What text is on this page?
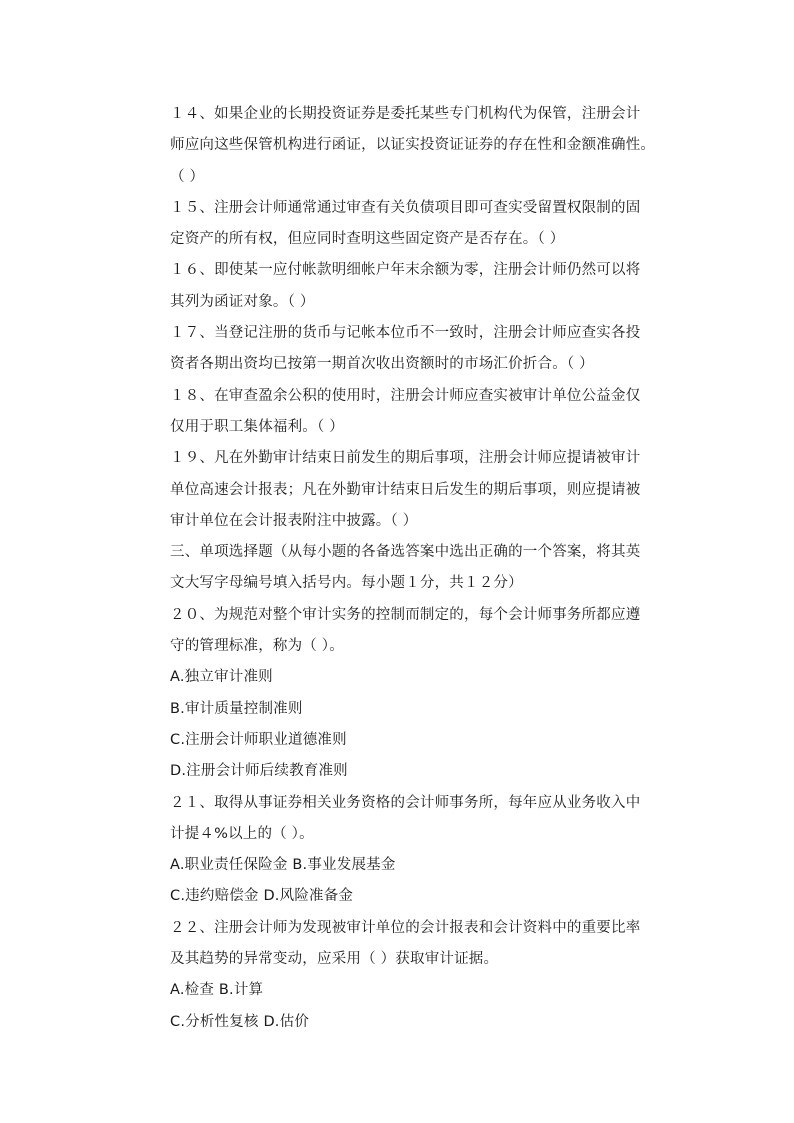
１４、如果企业的长期投资证券是委托某些专门机构代为保管，注册会计
师应向这些保管机构进行函证，以证实投资证证券的存在性和金额准确性。
（ ）
１５、注册会计师通常通过审查有关负债项目即可查实受留置权限制的固
定资产的所有权，但应同时查明这些固定资产是否存在。（ ）
１６、即使某一应付帐款明细帐户年末余额为零，注册会计师仍然可以将
其列为函证对象。（ ）
１７、当登记注册的货币与记帐本位币不一致时，注册会计师应查实各投
资者各期出资均已按第一期首次收出资额时的市场汇价折合。（ ）
１８、在审查盈余公积的使用时，注册会计师应查实被审计单位公益金仅
仅用于职工集体福利。（ ）
１９、凡在外勤审计结束日前发生的期后事项，注册会计师应提请被审计
单位高速会计报表；凡在外勤审计结束日后发生的期后事项，则应提请被
审计单位在会计报表附注中披露。（ ）
三、单项选择题（从每小题的各备选答案中选出正确的一个答案，将其英
文大写字母编号填入括号内。每小题１分，共１２分）
２０、为规范对整个审计实务的控制而制定的，每个会计师事务所都应遵
守的管理标准，称为（ ）。
A.独立审计准则
B.审计质量控制准则
C.注册会计师职业道德准则
D.注册会计师后续教育准则
２１、取得从事证券相关业务资格的会计师事务所，每年应从业务收入中
计提４%以上的（ ）。
A.职业责任保险金 B.事业发展基金
C.违约赔偿金 D.风险准备金
２２、注册会计师为发现被审计单位的会计报表和会计资料中的重要比率
及其趋势的异常变动，应采用（ ）获取审计证据。
A.检查 B.计算
C.分析性复核 D.估价
